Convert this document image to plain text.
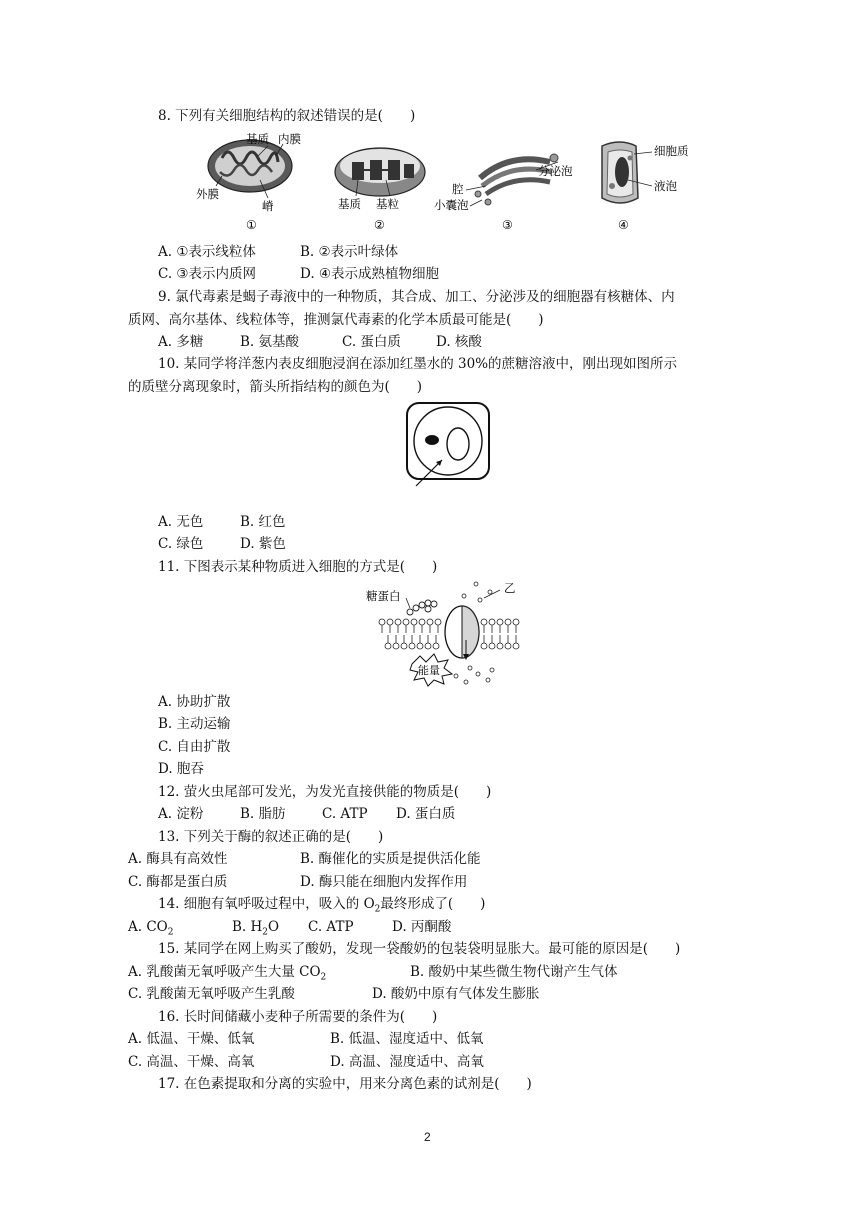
8. 下列有关细胞结构的叙述错误的是(　　)
基质 内膜
外膜
嵴
①
基质 基粒
②
分泌泡
腔
小囊泡
③
细胞质
液泡
④
A. ①表示线粒体	B. ②表示叶绿体
C. ③表示内质网	D. ④表示成熟植物细胞
9. 氯代毒素是蝎子毒液中的一种物质，其合成、加工、分泌涉及的细胞器有核糖体、内
质网、高尔基体、线粒体等，推测氯代毒素的化学本质最可能是(　　)
A. 多糖	B. 氨基酸	C. 蛋白质	D. 核酸
10. 某同学将洋葱内表皮细胞浸润在添加红墨水的 30%的蔗糖溶液中，刚出现如图所示
的质壁分离现象时，箭头所指结构的颜色为(　　)
A. 无色	B. 红色
C. 绿色	D. 紫色
11. 下图表示某种物质进入细胞的方式是(　　)
糖蛋白
乙
能量
A. 协助扩散
B. 主动运输
C. 自由扩散
D. 胞吞
12. 萤火虫尾部可发光，为发光直接供能的物质是(　　)
A. 淀粉	B. 脂肪	C. ATP D. 蛋白质
13. 下列关于酶的叙述正确的是(　　)
A. 酶具有高效性	B. 酶催化的实质是提供活化能
C. 酶都是蛋白质	D. 酶只能在细胞内发挥作用
14. 细胞有氧呼吸过程中，吸入的 $O_2$最终形成了(　　)
A. $CO_2$	B. $H_2O$ C. ATP	D. 丙酮酸
15. 某同学在网上购买了酸奶，发现一袋酸奶的包装袋明显胀大。最可能的原因是(　　)
A. 乳酸菌无氧呼吸产生大量 $CO_2$	B. 酸奶中某些微生物代谢产生气体
C. 乳酸菌无氧呼吸产生乳酸	D. 酸奶中原有气体发生膨胀
16. 长时间储藏小麦种子所需要的条件为(　　)
A. 低温、干燥、低氧	B. 低温、湿度适中、低氧
C. 高温、干燥、高氧	D. 高温、湿度适中、高氧
17. 在色素提取和分离的实验中，用来分离色素的试剂是(　　)
2
